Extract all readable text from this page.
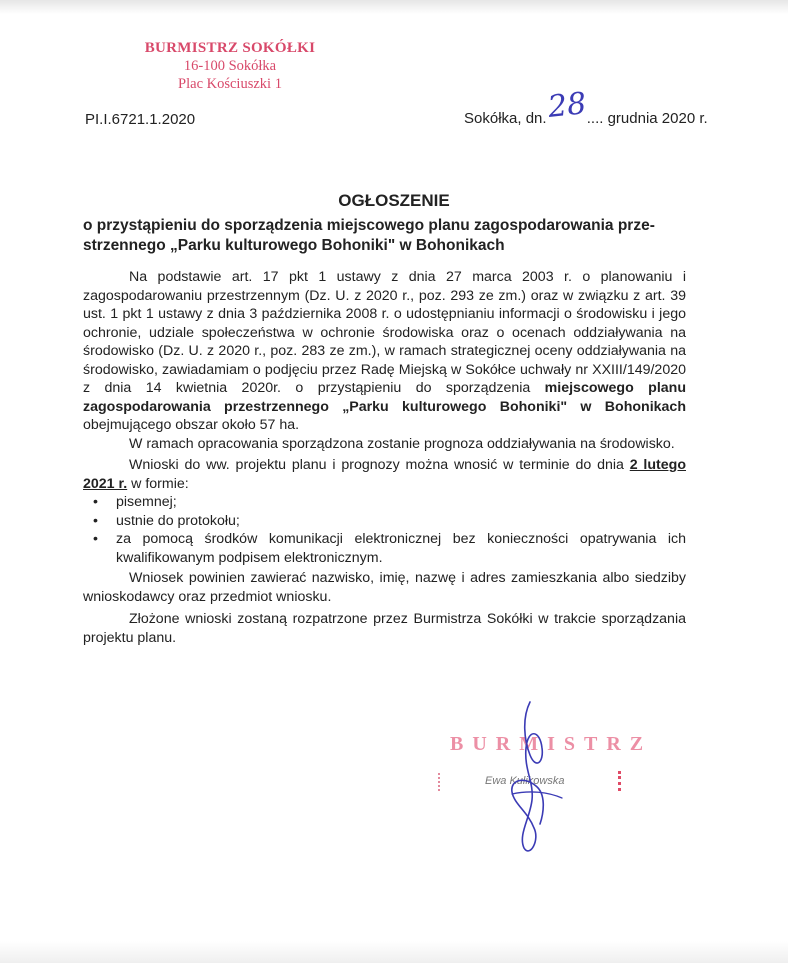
BURMISTRZ SOKÓŁKI
16-100 Sokółka
Plac Kościuszki 1
PI.I.6721.1.2020	Sokółka, dn.28.... grudnia 2020 r.
OGŁOSZENIE
o przystąpieniu do sporządzenia miejscowego planu zagospodarowania prze-strzennego „Parku kulturowego Bohoniki" w Bohonikach

Na podstawie art. 17 pkt 1 ustawy z dnia 27 marca 2003 r. o planowaniu i zagospodarowaniu przestrzennym (Dz. U. z 2020 r., poz. 293 ze zm.) oraz w związku z art. 39 ust. 1 pkt 1 ustawy z dnia 3 października 2008 r. o udostępnianiu informacji o środowisku i jego ochronie, udziale społeczeństwa w ochronie środowiska oraz o ocenach oddziaływania na środowisko (Dz. U. z 2020 r., poz. 283 ze zm.), w ramach strategicznej oceny oddziaływania na środowisko, zawiadamiam o podjęciu przez Radę Miejską w Sokółce uchwały nr XXIII/149/2020 z dnia 14 kwietnia 2020r. o przystąpieniu do sporządzenia miejscowego planu zagospodarowania przestrzennego „Parku kulturowego Bohoniki" w Bohonikach obejmującego obszar około 57 ha.

W ramach opracowania sporządzona zostanie prognoza oddziaływania na środowisko.

Wnioski do ww. projektu planu i prognozy można wnosić w terminie do dnia 2 lutego 2021 r. w formie:

• pisemnej;
• ustnie do protokołu;
• za pomocą środków komunikacji elektronicznej bez konieczności opatrywania ich kwalifikowanym podpisem elektronicznym.

Wniosek powinien zawierać nazwisko, imię, nazwę i adres zamieszkania albo siedziby wnioskodawcy oraz przedmiot wniosku.

Złożone wnioski zostaną rozpatrzone przez Burmistrza Sokółki w trakcie sporządzania projektu planu.

BURMISTRZ
Ewa Kulikowska
